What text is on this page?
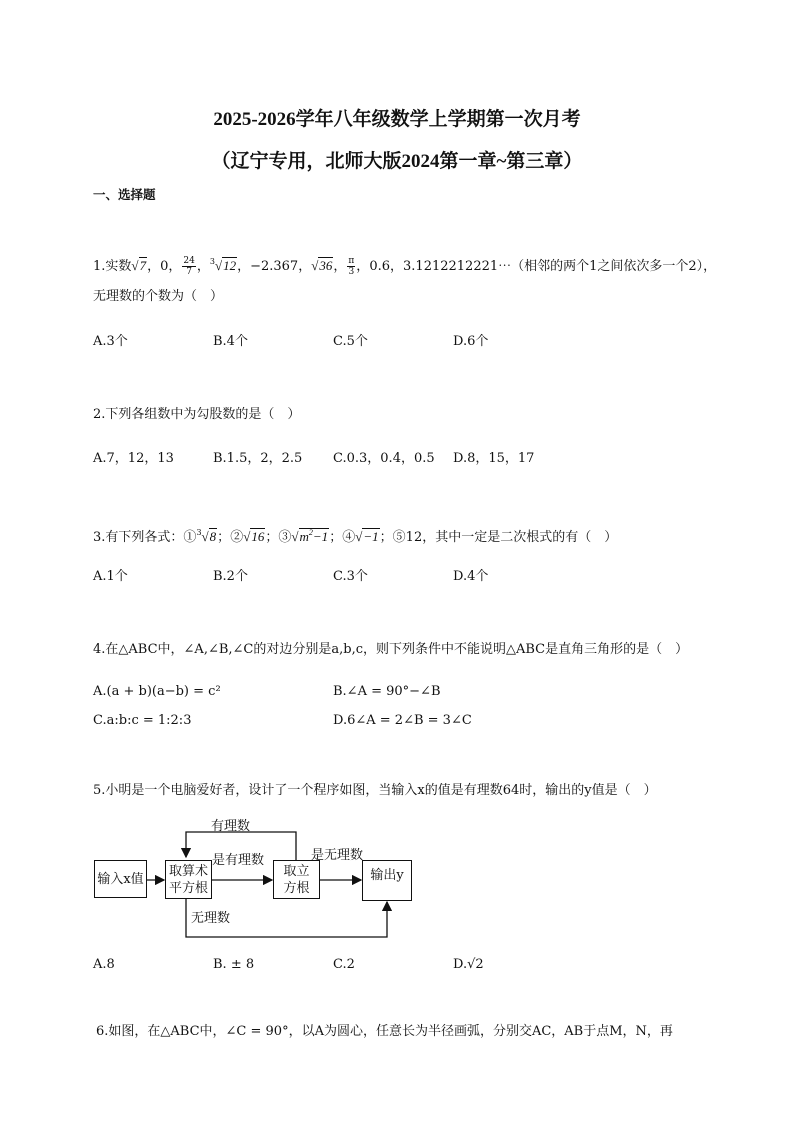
2025-2026学年八年级数学上学期第一次月考
（辽宁专用，北师大版2024第一章~第三章）
一、选择题
1.实数√7，0， $\frac{24}{7}$ ，$^3$√12，−2.367，√36， $\frac{\pi}{3}$ ，0.6，3.1212212221⋯（相邻的两个1之间依次多一个2），
无理数的个数为（　）
A.3个	B.4个	C.5个	D.6个
2.下列各组数中为勾股数的是（　）
A.7，12，13	B.1.5，2，2.5 C.0.3，0.4，0.5 D.8，15，17
3.有下列各式：①$^3$√8；②√16；$③√m^2-1$；④√−1；⑤12，其中一定是二次根式的有（　）
A.1个	B.2个	C.3个	D.4个
4.在△ABC中，∠A,∠B,∠C的对边分别是a,b,c，则下列条件中不能说明△ABC是直角三角形的是（　）
A.(a + b)(a−b) = c²	B.∠A = 90°−∠B
C.a:b:c = 1:2:3	D.6∠A = 2∠B = 3∠C
5.小明是一个电脑爱好者，设计了一个程序如图，当输入x的值是有理数64时，输出的y值是（　）
输入x值
取算术
平方根
取立
方根
输出y
有理数
是有理数	是无理数
无理数
A.8	B. ± 8	C.2	D.√2
6.如图，在△ABC中，∠C = 90°，以A为圆心，任意长为半径画弧，分别交AC，AB于点M，N，再
